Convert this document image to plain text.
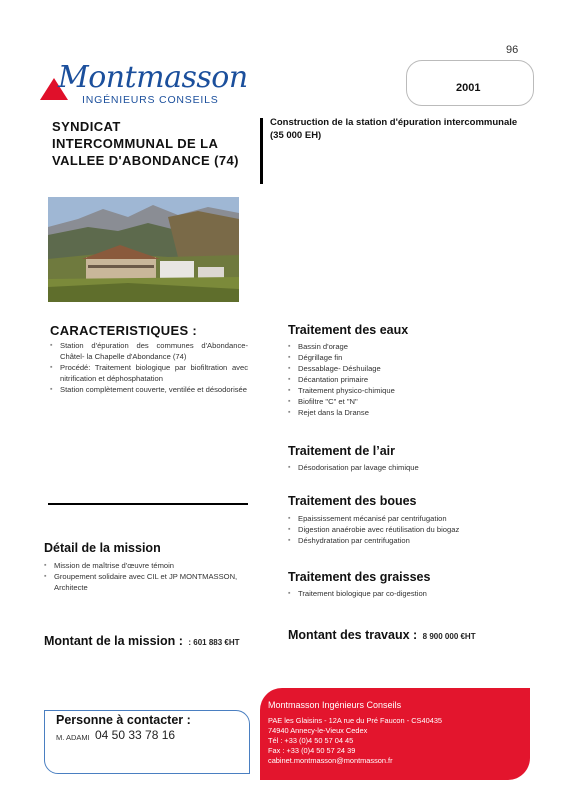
96
Montmasson
INGÉNIEURS CONSEILS
2001
SYNDICAT INTERCOMMUNAL DE LA VALLEE D'ABONDANCE (74)
Construction de la station d'épuration intercommunale
(35 000 EH)
CARACTERISTIQUES :
▪ Station d'épuration des communes d'Abondance- Châtel- la Chapelle d'Abondance (74)
▪ Procédé: Traitement biologique par biofiltration avec nitrification et déphosphatation
▪ Station complètement couverte, ventilée et désodorisée
Traitement des eaux
▪ Bassin d'orage
▪ Dégrillage fin
▪ Dessablage- Déshuilage
▪ Décantation primaire
▪ Traitement physico-chimique
▪ Biofiltre "C" et "N"
▪ Rejet dans la Dranse
Traitement de l’air
▪ Désodorisation par lavage chimique
Traitement des boues
▪ Epaississement mécanisé par centrifugation
▪ Digestion anaérobie avec réutilisation du biogaz
▪ Déshydratation par centrifugation
Détail de la mission
▪ Mission de maîtrise d'œuvre témoin
▪ Groupement solidaire avec CIL et JP MONTMASSON, Architecte
Traitement des graisses
▪ Traitement biologique par co-digestion
Montant de la mission : : 601 883 €HT
Montant des travaux : 8 900 000 €HT
Personne à contacter :
M. ADAMI 04 50 33 78 16
Montmasson Ingénieurs Conseils
PAE les Glaisins - 12A rue du Pré Faucon - CS40435
74940 Annecy-le-Vieux Cedex
Tél : +33 (0)4 50 57 04 45
Fax : +33 (0)4 50 57 24 39
cabinet.montmasson@montmasson.fr
